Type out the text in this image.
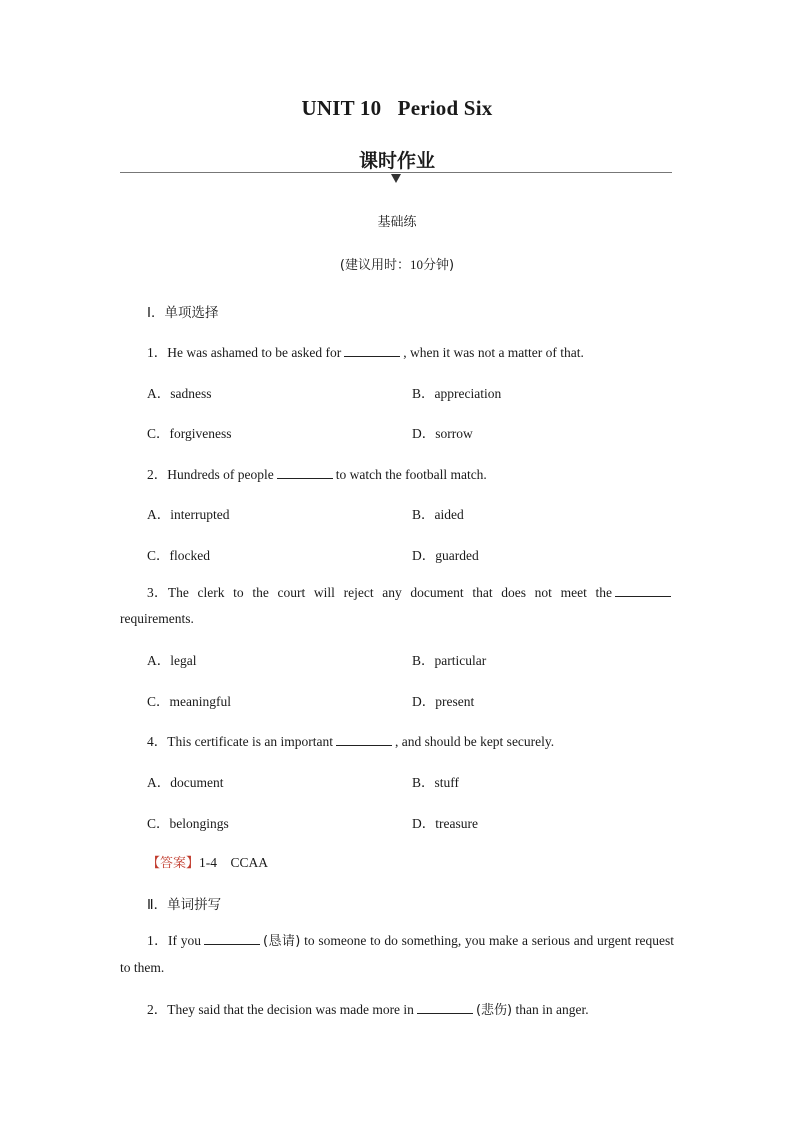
UNIT 10   Period Six
课时作业
基础练
(建议用时：10分钟)
Ⅰ．单项选择
1．He was ashamed to be asked for	, when it was not a matter of that.
A．sadness	B．appreciation
C．forgiveness	D．sorrow
2．Hundreds of people	to watch the football match.
A．interrupted	B．aided
C．flocked	D．guarded
3．The clerk to the court will reject any document that does not meet the requirements.
A．legal	B．particular
C．meaningful	D．present
4．This certificate is an important	, and should be kept securely.
A．document	B．stuff
C．belongings	D．treasure
【答案】1-4    CCAA
Ⅱ．单词拼写
1．If you	(恳请) to someone to do something, you make a serious and urgent request to them.
2．They said that the decision was made more in	(悲伤) than in anger.
